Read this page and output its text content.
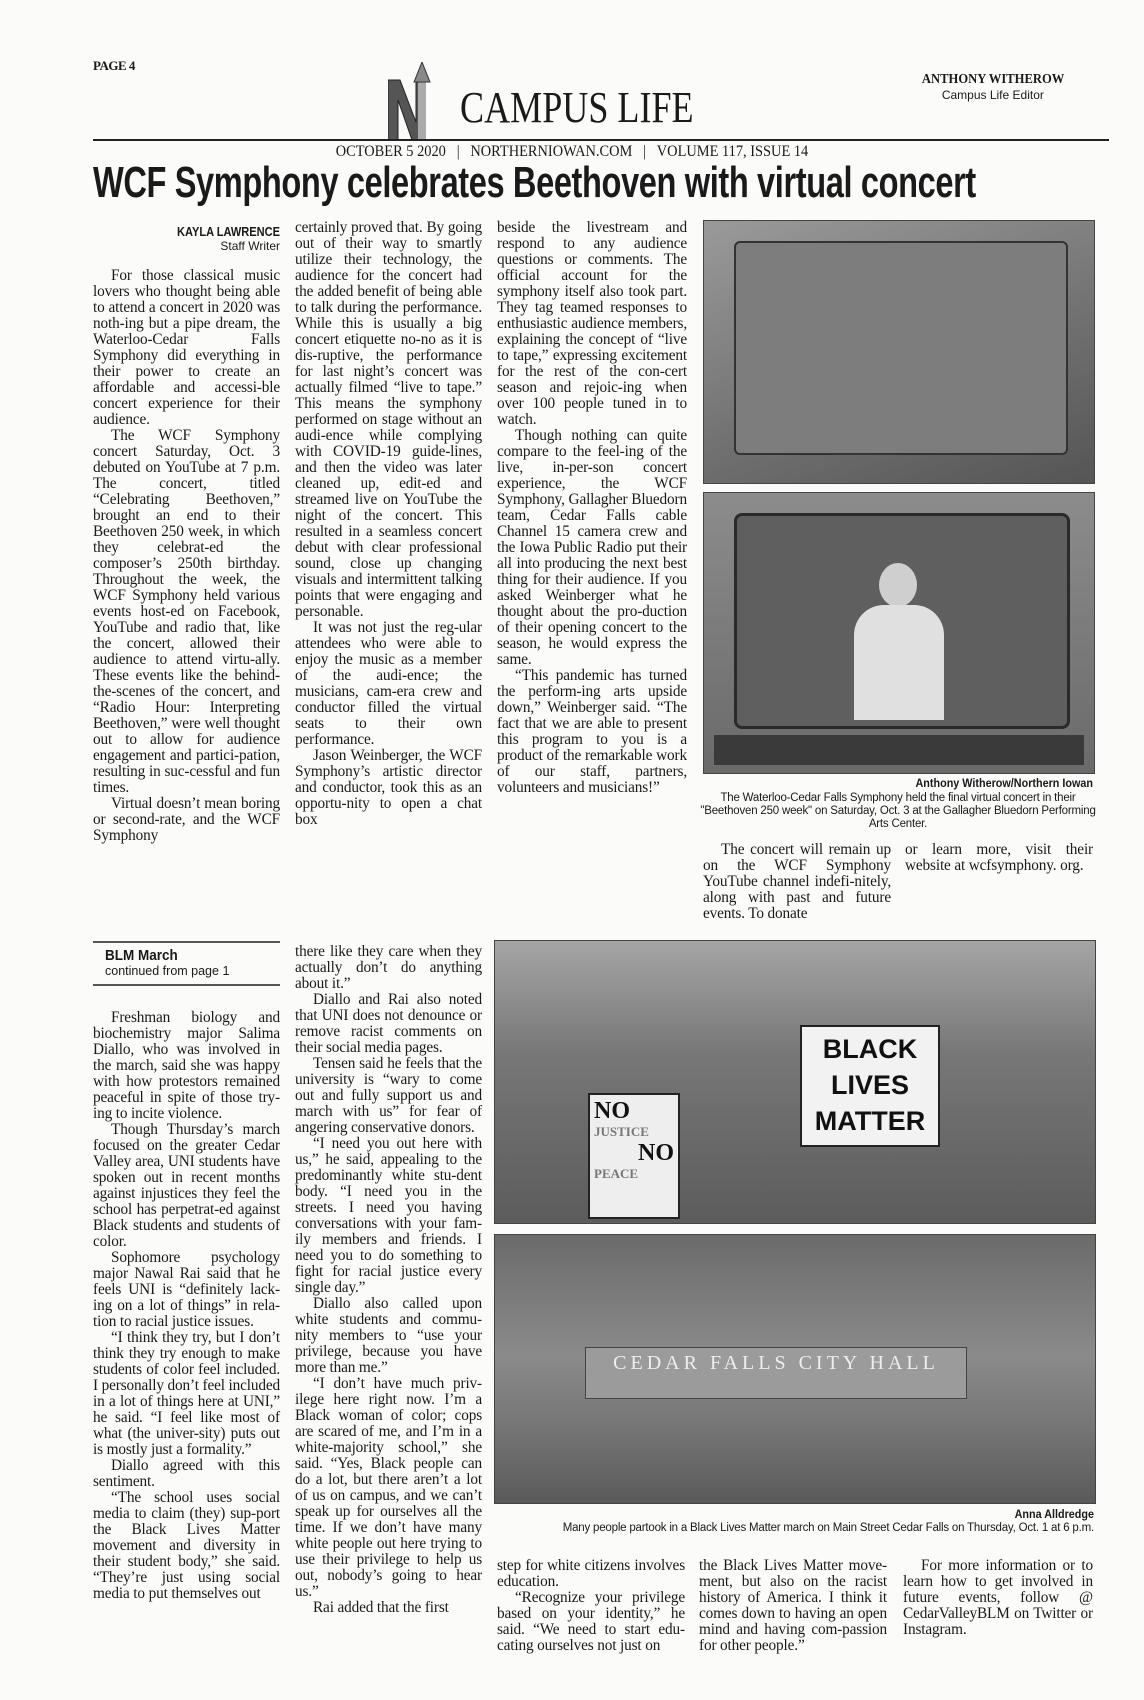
PAGE 4
CAMPUS LIFE
ANTHONY WITHEROW
Campus Life Editor
OCTOBER 5 2020 | NORTHERNIOWAN.COM | VOLUME 117, ISSUE 14
WCF Symphony celebrates Beethoven with virtual concert
KAYLA LAWRENCE
Staff Writer

For those classical music lovers who thought being able to attend a concert in 2020 was noth-ing but a pipe dream, the Waterloo-Cedar Falls Symphony did everything in their power to create an affordable and accessi-ble concert experience for their audience.

The WCF Symphony concert Saturday, Oct. 3 debuted on YouTube at 7 p.m. The concert, titled “Celebrating Beethoven,” brought an end to their Beethoven 250 week, in which they celebrat-ed the composer’s 250th birthday. Throughout the week, the WCF Symphony held various events host-ed on Facebook, YouTube and radio that, like the concert, allowed their audience to attend virtu-ally. These events like the behind-the-scenes of the concert, and “Radio Hour: Interpreting Beethoven,” were well thought out to allow for audience engagement and partici-pation, resulting in suc-cessful and fun times.

Virtual doesn’t mean boring or second-rate, and the WCF Symphony

certainly proved that. By going out of their way to smartly utilize their technology, the audience for the concert had the added benefit of being able to talk during the performance. While this is usually a big concert etiquette no-no as it is dis-ruptive, the performance for last night’s concert was actually filmed “live to tape.” This means the symphony performed on stage without an audi-ence while complying with COVID-19 guide-lines, and then the video was later cleaned up, edit-ed and streamed live on YouTube the night of the concert. This resulted in a seamless concert debut with clear professional sound, close up changing visuals and intermittent talking points that were engaging and personable.

It was not just the reg-ular attendees who were able to enjoy the music as a member of the audi-ence; the musicians, cam-era crew and conductor filled the virtual seats to their own performance.

Jason Weinberger, the WCF Symphony’s artistic director and conductor, took this as an opportu-nity to open a chat box

beside the livestream and respond to any audience questions or comments. The official account for the symphony itself also took part. They tag teamed responses to enthusiastic audience members, explaining the concept of “live to tape,” expressing excitement for the rest of the con-cert season and rejoic-ing when over 100 people tuned in to watch.

Though nothing can quite compare to the feel-ing of the live, in-per-son concert experience, the WCF Symphony, Gallagher Bluedorn team, Cedar Falls cable Channel 15 camera crew and the Iowa Public Radio put their all into producing the next best thing for their audience. If you asked Weinberger what he thought about the pro-duction of their opening concert to the season, he would express the same.

“This pandemic has turned the perform-ing arts upside down,” Weinberger said. “The fact that we are able to present this program to you is a product of the remarkable work of our staff, partners, volunteers and musicians!”	Anthony Witherow/Northern Iowan
The Waterloo-Cedar Falls Symphony held the final virtual concert in their "Beethoven 250 week" on Saturday, Oct. 3 at the Gallagher Bluedorn Performing Arts Center.

The concert will remain up on the WCF Symphony YouTube channel indefi-nitely, along with past and future events. To donate

or learn more, visit their website at wcfsymphony. org.

BLM March
continued from page 1

Freshman biology and biochemistry major Salima Diallo, who was involved in the march, said she was happy with how protestors remained peaceful in spite of those try-ing to incite violence.

Though Thursday’s march focused on the greater Cedar Valley area, UNI students have spoken out in recent months against injustices they feel the school has perpetrat-ed against Black students and students of color.

Sophomore psychology major Nawal Rai said that he feels UNI is “definitely lack-ing on a lot of things” in rela-tion to racial justice issues.

“I think they try, but I don’t think they try enough to make students of color feel included. I personally don’t feel included in a lot of things here at UNI,” he said. “I feel like most of what (the univer-sity) puts out is mostly just a formality.”

Diallo agreed with this sentiment.

“The school uses social media to claim (they) sup-port the Black Lives Matter movement and diversity in their student body,” she said. “They’re just using social media to put themselves out

there like they care when they actually don’t do anything about it.”

Diallo and Rai also noted that UNI does not denounce or remove racist comments on their social media pages.

Tensen said he feels that the university is “wary to come out and fully support us and march with us” for fear of angering conservative donors.

“I need you out here with us,” he said, appealing to the predominantly white stu-dent body. “I need you in the streets. I need you having conversations with your fam-ily members and friends. I need you to do something to fight for racial justice every single day.”

Diallo also called upon white students and commu-nity members to “use your privilege, because you have more than me.”

“I don’t have much priv-ilege here right now. I’m a Black woman of color; cops are scared of me, and I’m in a white-majority school,” she said. “Yes, Black people can do a lot, but there aren’t a lot of us on campus, and we can’t speak up for ourselves all the time. If we don’t have many white people out here trying to use their privilege to help us out, nobody’s going to hear us.”

Rai added that the first

NO
JUSTICE
NO
PEACE
BLACK LIVES MATTER
CEDAR FALLS CITY HALL
Anna Alldredge
Many people partook in a Black Lives Matter march on Main Street Cedar Falls on Thursday, Oct. 1 at 6 p.m.

step for white citizens involves education.

“Recognize your privilege based on your identity,” he said. “We need to start edu-cating ourselves not just on

the Black Lives Matter move-ment, but also on the racist history of America. I think it comes down to having an open mind and having com-passion for other people.”

For more information or to learn how to get involved in future events, follow @ CedarValleyBLM on Twitter or Instagram.
